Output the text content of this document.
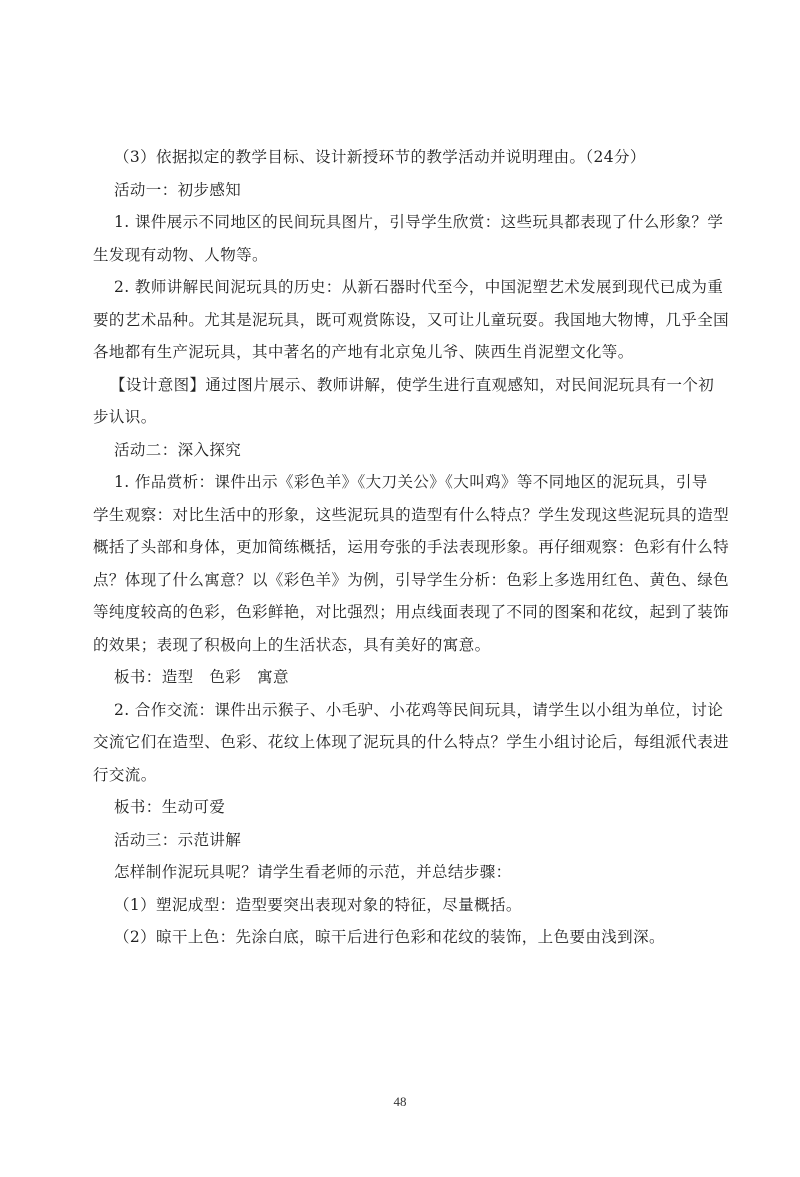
（3）依据拟定的教学目标、设计新授环节的教学活动并说明理由。（24分）

活动一：初步感知

1. 课件展示不同地区的民间玩具图片，引导学生欣赏：这些玩具都表现了什么形象？学

生发现有动物、人物等。

2. 教师讲解民间泥玩具的历史：从新石器时代至今，中国泥塑艺术发展到现代已成为重

要的艺术品种。尤其是泥玩具，既可观赏陈设，又可让儿童玩耍。我国地大物博，几乎全国

各地都有生产泥玩具，其中著名的产地有北京兔儿爷、陕西生肖泥塑文化等。

【设计意图】通过图片展示、教师讲解，使学生进行直观感知，对民间泥玩具有一个初

步认识。

活动二：深入探究

1. 作品赏析：课件出示《彩色羊》《大刀关公》《大叫鸡》等不同地区的泥玩具，引导

学生观察：对比生活中的形象，这些泥玩具的造型有什么特点？学生发现这些泥玩具的造型

概括了头部和身体，更加简练概括，运用夸张的手法表现形象。再仔细观察：色彩有什么特

点？体现了什么寓意？以《彩色羊》为例，引导学生分析：色彩上多选用红色、黄色、绿色

等纯度较高的色彩，色彩鲜艳，对比强烈；用点线面表现了不同的图案和花纹，起到了装饰

的效果；表现了积极向上的生活状态，具有美好的寓意。

板书：造型　色彩　寓意

2. 合作交流：课件出示猴子、小毛驴、小花鸡等民间玩具，请学生以小组为单位，讨论

交流它们在造型、色彩、花纹上体现了泥玩具的什么特点？学生小组讨论后，每组派代表进

行交流。

板书：生动可爱

活动三：示范讲解

怎样制作泥玩具呢？请学生看老师的示范，并总结步骤：

（1）塑泥成型：造型要突出表现对象的特征，尽量概括。

（2）晾干上色：先涂白底，晾干后进行色彩和花纹的装饰，上色要由浅到深。

48
